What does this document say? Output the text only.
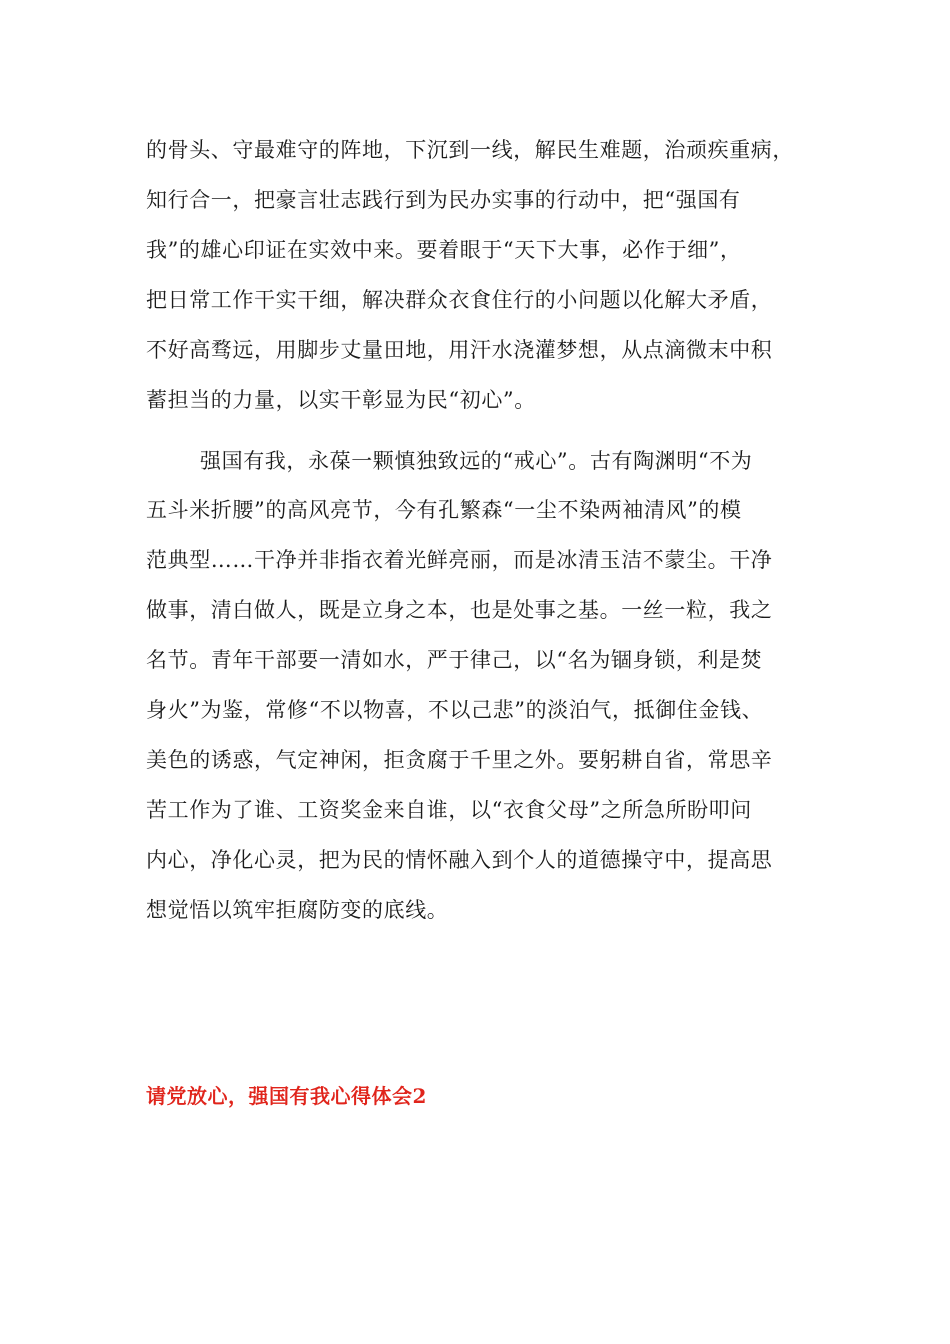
的骨头、守最难守的阵地，下沉到一线，解民生难题，治顽疾重病，
知行合一，把豪言壮志践行到为民办实事的行动中，把“强国有
我”的雄心印证在实效中来。要着眼于“天下大事，必作于细”，
把日常工作干实干细，解决群众衣食住行的小问题以化解大矛盾，
不好高骛远，用脚步丈量田地，用汗水浇灌梦想，从点滴微末中积
蓄担当的力量，以实干彰显为民“初心”。
强国有我，永葆一颗慎独致远的“戒心”。古有陶渊明“不为
五斗米折腰”的高风亮节，今有孔繁森“一尘不染两袖清风”的模
范典型……干净并非指衣着光鲜亮丽，而是冰清玉洁不蒙尘。干净
做事，清白做人，既是立身之本，也是处事之基。一丝一粒，我之
名节。青年干部要一清如水，严于律己，以“名为锢身锁，利是焚
身火”为鉴，常修“不以物喜，不以己悲”的淡泊气，抵御住金钱、
美色的诱惑，气定神闲，拒贪腐于千里之外。要躬耕自省，常思辛
苦工作为了谁、工资奖金来自谁，以“衣食父母”之所急所盼叩问
内心，净化心灵，把为民的情怀融入到个人的道德操守中，提高思
想觉悟以筑牢拒腐防变的底线。
请党放心，强国有我心得体会2
